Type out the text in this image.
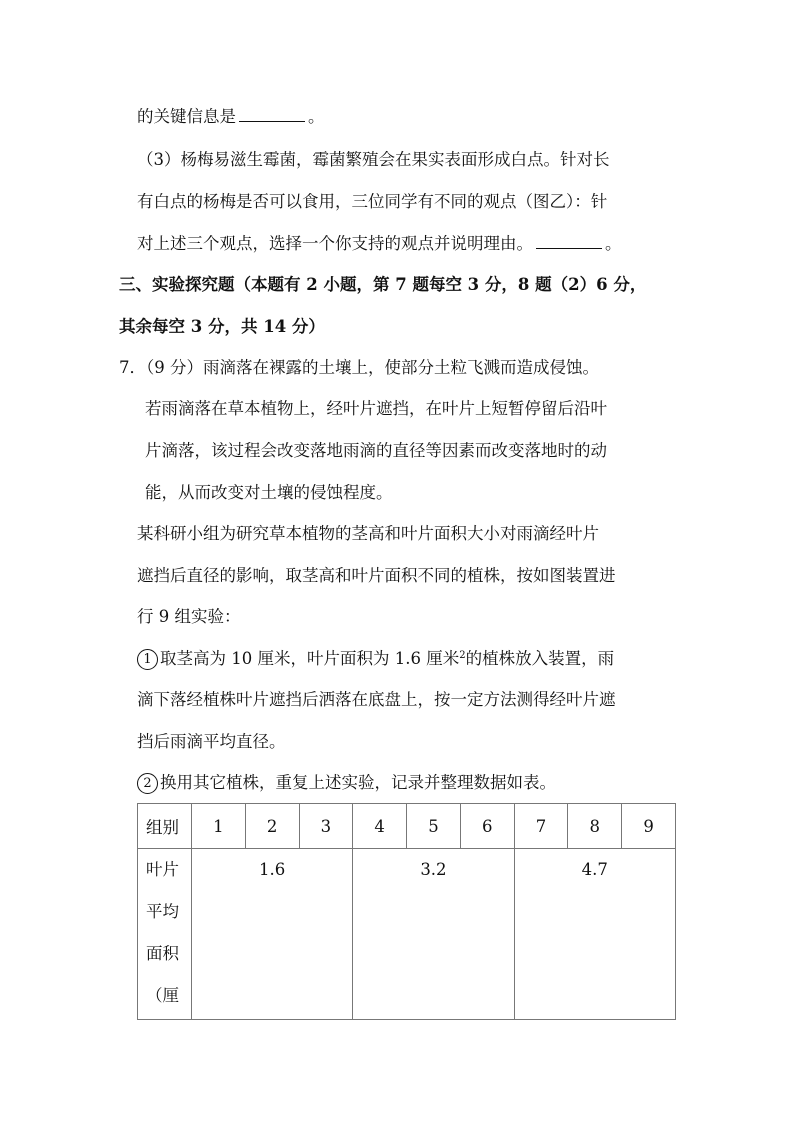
的关键信息是	。
（3）杨梅易滋生霉菌，霉菌繁殖会在果实表面形成白点。针对长
有白点的杨梅是否可以食用，三位同学有不同的观点（图乙）：针
对上述三个观点，选择一个你支持的观点并说明理由。	。
三、实验探究题（本题有 2 小题，第 7 题每空 3 分，8 题（2）6 分，
其余每空 3 分，共 14 分）
7．（9 分）雨滴落在裸露的土壤上，使部分土粒飞溅而造成侵蚀。
若雨滴落在草本植物上，经叶片遮挡，在叶片上短暂停留后沿叶
片滴落，该过程会改变落地雨滴的直径等因素而改变落地时的动
能，从而改变对土壤的侵蚀程度。
某科研小组为研究草本植物的茎高和叶片面积大小对雨滴经叶片
遮挡后直径的影响，取茎高和叶片面积不同的植株，按如图装置进
行 9 组实验：
1 取茎高为 10 厘米，叶片面积为 1.6 厘米$^2$的植株放入装置，雨
滴下落经植株叶片遮挡后洒落在底盘上，按一定方法测得经叶片遮
挡后雨滴平均直径。
2 换用其它植株，重复上述实验，记录并整理数据如表。
组别	1	2	3	4	5	6	7	8	9

叶片
平均
面积
（厘	1.6			3.2			4.7		
